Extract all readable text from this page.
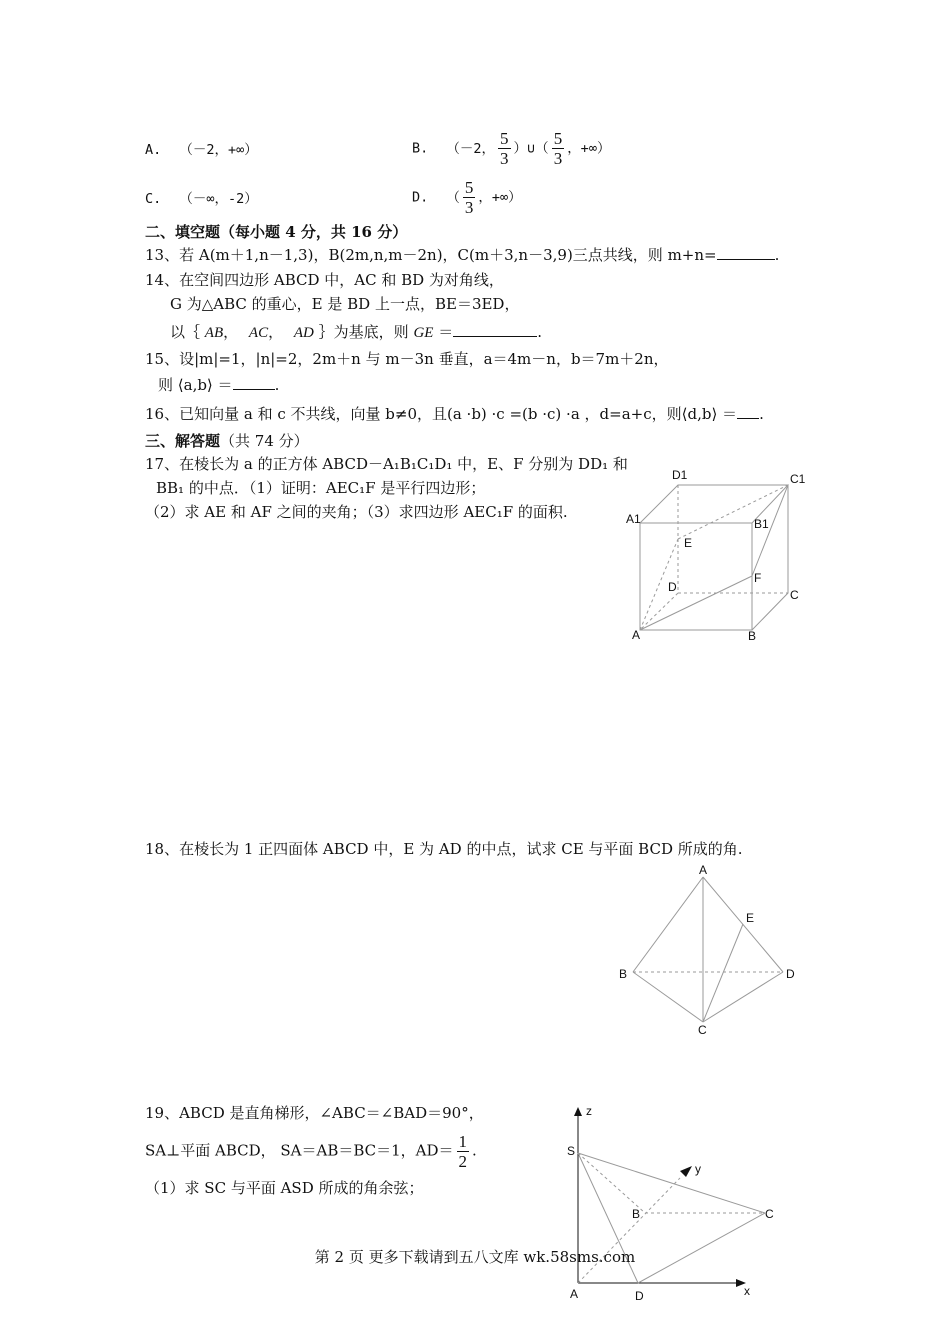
A. （－2，+∞）	B. （－2， $\frac{5}{3}$ ）∪（ $\frac{5}{3}$ ，+∞）
C. （－∞，-2）	D. （ $\frac{5}{3}$ ，+∞）
二、填空题（每小题 4 分，共 16 分）
13、若 A(m＋1,n－1,3)，B(2m,n,m－2n)，C(m＋3,n－3,9)三点共线，则 m+n=	.
14、在空间四边形 ABCD 中，AC 和 BD 为对角线，
G 为△ABC 的重心，E 是 BD 上一点，BE＝3ED，
以｛ AB， AC， AD ｝为基底，则 GE ＝	.
15、设|m|=1，|n|=2，2m＋n 与 m－3n 垂直，a＝4m－n，b＝7m＋2n，
则 ⟨a,b⟩ ＝	.
16、已知向量 a 和 c 不共线，向量 b≠0，且(a ·b) ·c =(b ·c) ·a ，d=a+c，则⟨d,b⟩ ＝ .
三、解答题（共 74 分）
17、在棱长为 a 的正方体 ABCD－A₁B₁C₁D₁ 中，E、F 分别为 DD₁ 和
BB₁ 的中点．（1）证明：AEC₁F 是平行四边形；
（2）求 AE 和 AF 之间的夹角；（3）求四边形 AEC₁F 的面积.
D1	C1
A1	B1
E
F
D
C
A	B
18、在棱长为 1 正四面体 ABCD 中，E 为 AD 的中点，试求 CE 与平面 BCD 所成的角.
A
E
B	D
C
19、ABCD 是直角梯形，∠ABC＝∠BAD＝90°，
SA⊥平面 ABCD， SA＝AB＝BC＝1，$AD= \frac{1}{2}$ .
（1）求 SC 与平面 ASD 所成的角余弦；
z
S
y
B	C
A	D	x
第 2 页 更多下载请到五八文库 wk.58sms.com
